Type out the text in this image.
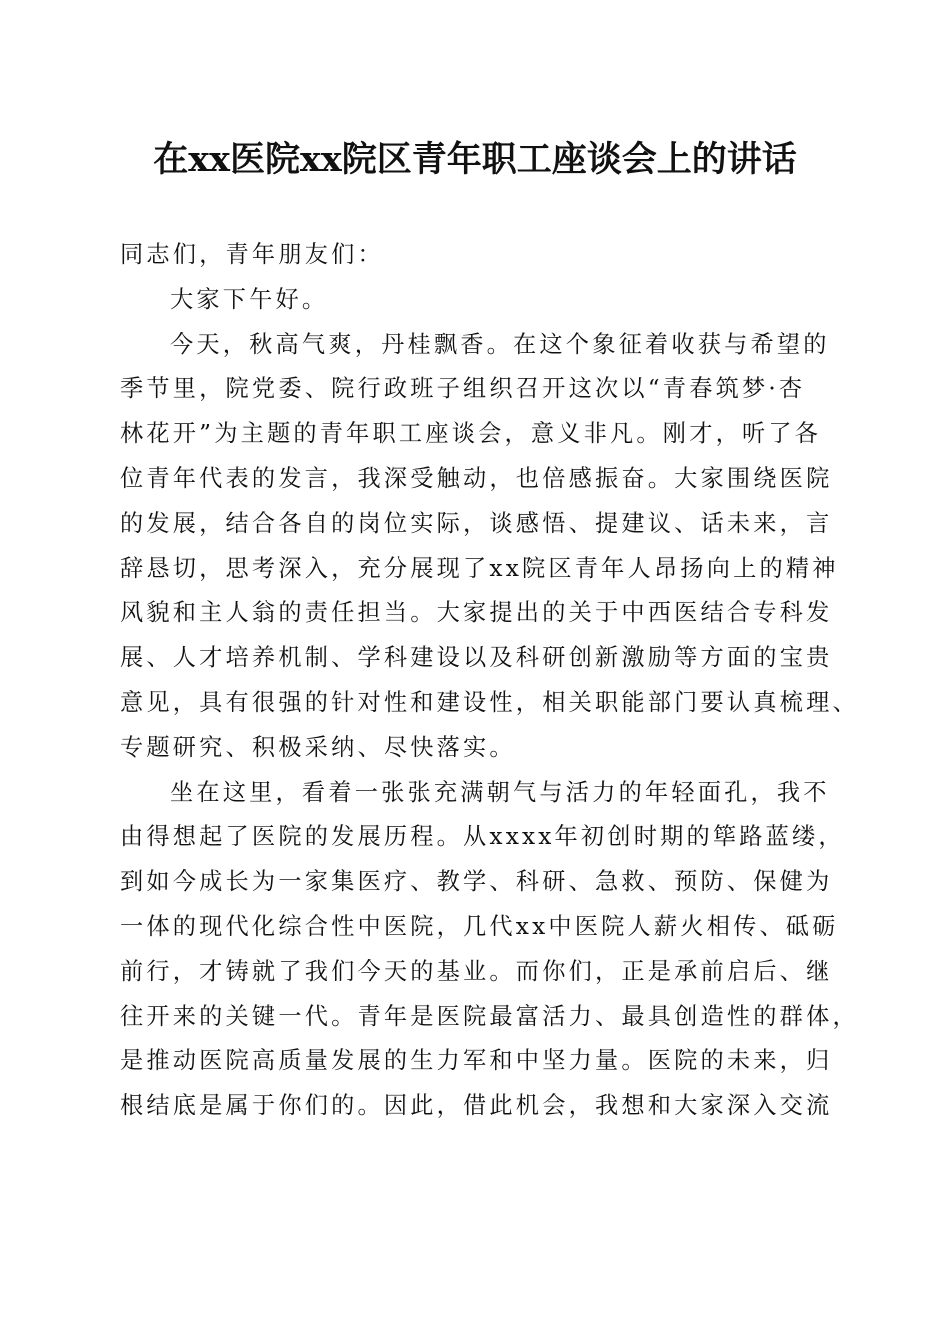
在xx医院xx院区青年职工座谈会上的讲话
同志们，青年朋友们：
大家下午好。
今天，秋高气爽，丹桂飘香。在这个象征着收获与希望的
季节里，院党委、院行政班子组织召开这次以“青春筑梦·杏
林花开”为主题的青年职工座谈会，意义非凡。刚才，听了各
位青年代表的发言，我深受触动，也倍感振奋。大家围绕医院
的发展，结合各自的岗位实际，谈感悟、提建议、话未来，言
辞恳切，思考深入，充分展现了xx院区青年人昂扬向上的精神
风貌和主人翁的责任担当。大家提出的关于中西医结合专科发
展、人才培养机制、学科建设以及科研创新激励等方面的宝贵
意见，具有很强的针对性和建设性，相关职能部门要认真梳理、
专题研究、积极采纳、尽快落实。
坐在这里，看着一张张充满朝气与活力的年轻面孔，我不
由得想起了医院的发展历程。从xxxx年初创时期的筚路蓝缕，
到如今成长为一家集医疗、教学、科研、急救、预防、保健为
一体的现代化综合性中医院，几代xx中医院人薪火相传、砥砺
前行，才铸就了我们今天的基业。而你们，正是承前启后、继
往开来的关键一代。青年是医院最富活力、最具创造性的群体，
是推动医院高质量发展的生力军和中坚力量。医院的未来，归
根结底是属于你们的。因此，借此机会，我想和大家深入交流
